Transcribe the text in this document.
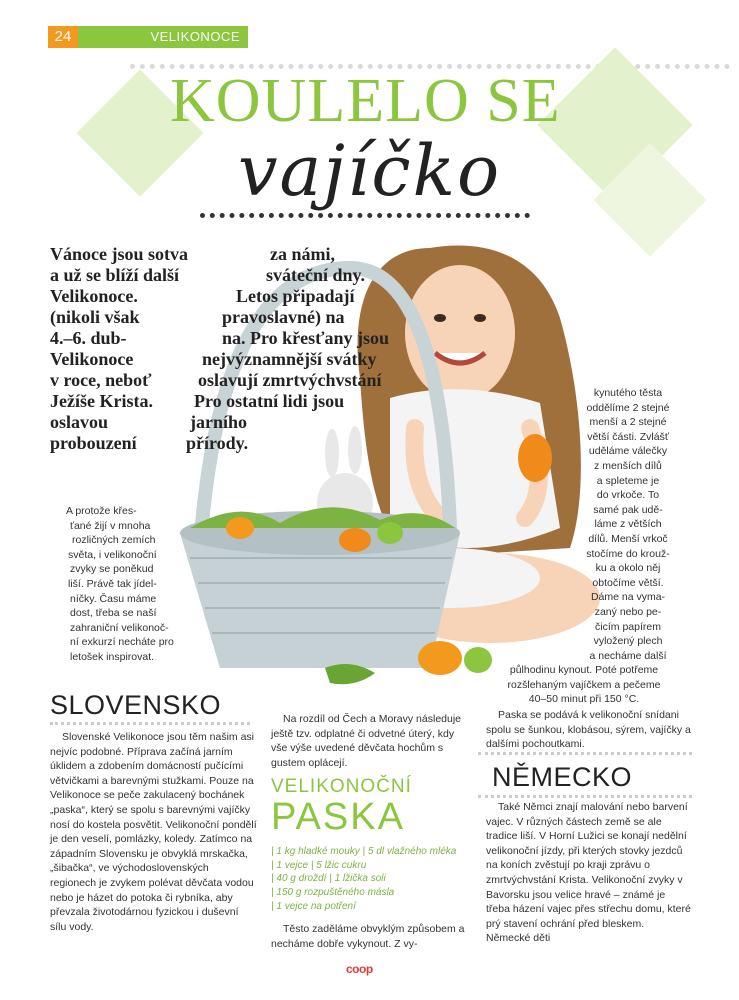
24	VELIKONOCE
KOULELO SE
vajíčko
Vánoce jsou sotva
a už se blíží další
Velikonoce.
(nikoli však
4.–6. dub-
Velikonoce
v roce, neboť
Ježíše Krista.
oslavou
probouzení
za námi,
sváteční dny.
Letos připadají
pravoslavné) na
na. Pro křesťany jsou
nejvýznamnější svátky
oslavují zmrtvýchvstání
Pro ostatní lidi jsou
jarního
přírody.
A protože křes-
ťané žijí v mnoha
rozličných zemích
světa, i velikonoční
zvyky se poněkud
liší. Právě tak jídel-
níčky. Času máme
dost, třeba se naší
zahraniční velikonoč-
ní exkurzí necháte pro
letošek inspirovat.
kynutého těsta
oddělíme 2 stejné
menší a 2 stejné
větší části. Zvlášť
uděláme válečky
z menších dílů
a spleteme je
do vrkoče. To
samé pak udě-
láme z větších
dílů. Menší vrkoč
stočíme do krouž-
ku a okolo něj
obtočíme větší.
Dáme na vyma-
zaný nebo pe-
čicím papírem
vyložený plech
a necháme další
půlhodinu kynout. Poté potřeme
rozšlehaným vajíčkem a pečeme
40–50 minut při 150 °C.

Paska se podává k velikonoční snídani spolu se šunkou, klobásou, sýrem, vajíčky a dalšími pochoutkami.

SLOVENSKO

Slovenské Velikonoce jsou těm našim asi nejvíc podobné. Příprava začíná jarním úklidem a zdobením domácností pučícími větvičkami a barevnými stužkami. Pouze na Velikonoce se peče zakulacený bochánek „paska“, který se spolu s barevnými vajíčky nosí do kostela posvětit. Velikonoční pondělí je den veselí, pomlázky, koledy. Zatímco na západním Slovensku je obvyklá mrskačka, „šibačka“, ve východoslovenských regionech je zvykem polévat děvčata vodou nebo je házet do potoka či rybníka, aby převzala životodárnou fyzickou i duševní sílu vody.

Na rozdíl od Čech a Moravy následuje ještě tzv. odplatné či odvetné úterý, kdy vše výše uvedené děvčata hochům s gustem oplácejí.

VELIKONOČNÍ
PASKA
| 1 kg hladké mouky | 5 dl vlažného mléka
| 1 vejce | 5 lžic cukru
| 40 g droždí | 1 lžička soli
| 150 g rozpuštěného másla
| 1 vejce na potření

Těsto zaděláme obvyklým způsobem a necháme dobře vykynout. Z vy-

NĚMECKO

Také Němci znají malování nebo barvení vajec. V různých částech země se ale tradice liší. V Horní Lužici se konají nedělní velikonoční jízdy, při kterých stovky jezdců na koních zvěstují po kraji zprávu o zmrtvýchvstání Krista. Velikonoční zvyky v Bavorsku jsou velice hravé – známé je třeba házení vajec přes střechu domu, které prý stavení ochrání před bleskem. Německé děti

coop
